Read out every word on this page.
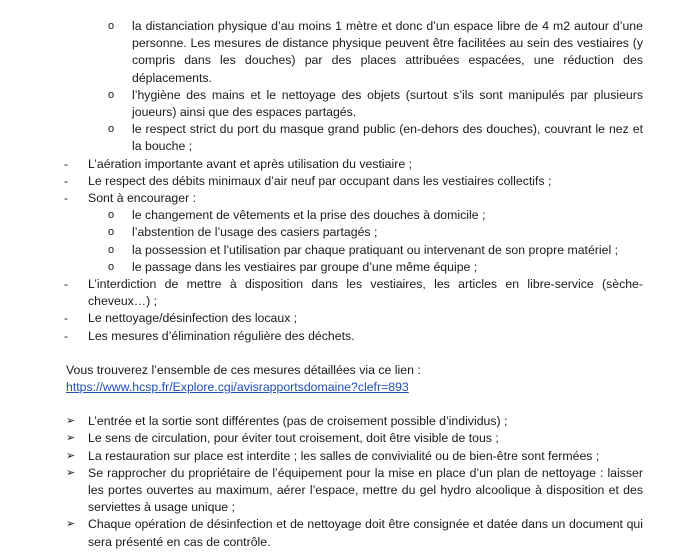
o la distanciation physique d’au moins 1 mètre et donc d’un espace libre de 4 m2 autour d’une personne. Les mesures de distance physique peuvent être facilitées au sein des vestiaires (y compris dans les douches) par des places attribuées espacées, une réduction des déplacements.
o l’hygiène des mains et le nettoyage des objets (surtout s’ils sont manipulés par plusieurs joueurs) ainsi que des espaces partagés.
o le respect strict du port du masque grand public (en-dehors des douches), couvrant le nez et la bouche ;
- L’aération importante avant et après utilisation du vestiaire ;
- Le respect des débits minimaux d’air neuf par occupant dans les vestiaires collectifs ;
- Sont à encourager :
o le changement de vêtements et la prise des douches à domicile ;
o l’abstention de l’usage des casiers partagés ;
o la possession et l’utilisation par chaque pratiquant ou intervenant de son propre matériel ;
o le passage dans les vestiaires par groupe d’une même équipe ;
- L’interdiction de mettre à disposition dans les vestiaires, les articles en libre-service (sèche-cheveux…) ;
- Le nettoyage/désinfection des locaux ;
- Les mesures d’élimination régulière des déchets.
Vous trouverez l’ensemble de ces mesures détaillées via ce lien :
https://www.hcsp.fr/Explore.cgi/avisrapportsdomaine?clefr=893
➢ L’entrée et la sortie sont différentes (pas de croisement possible d’individus) ;
➢ Le sens de circulation, pour éviter tout croisement, doit être visible de tous ;
➢ La restauration sur place est interdite ; les salles de convivialité ou de bien-être sont fermées ;
➢ Se rapprocher du propriétaire de l’équipement pour la mise en place d’un plan de nettoyage : laisser les portes ouvertes au maximum, aérer l’espace, mettre du gel hydro alcoolique à disposition et des serviettes à usage unique ;
➢ Chaque opération de désinfection et de nettoyage doit être consignée et datée dans un document qui sera présenté en cas de contrôle.
